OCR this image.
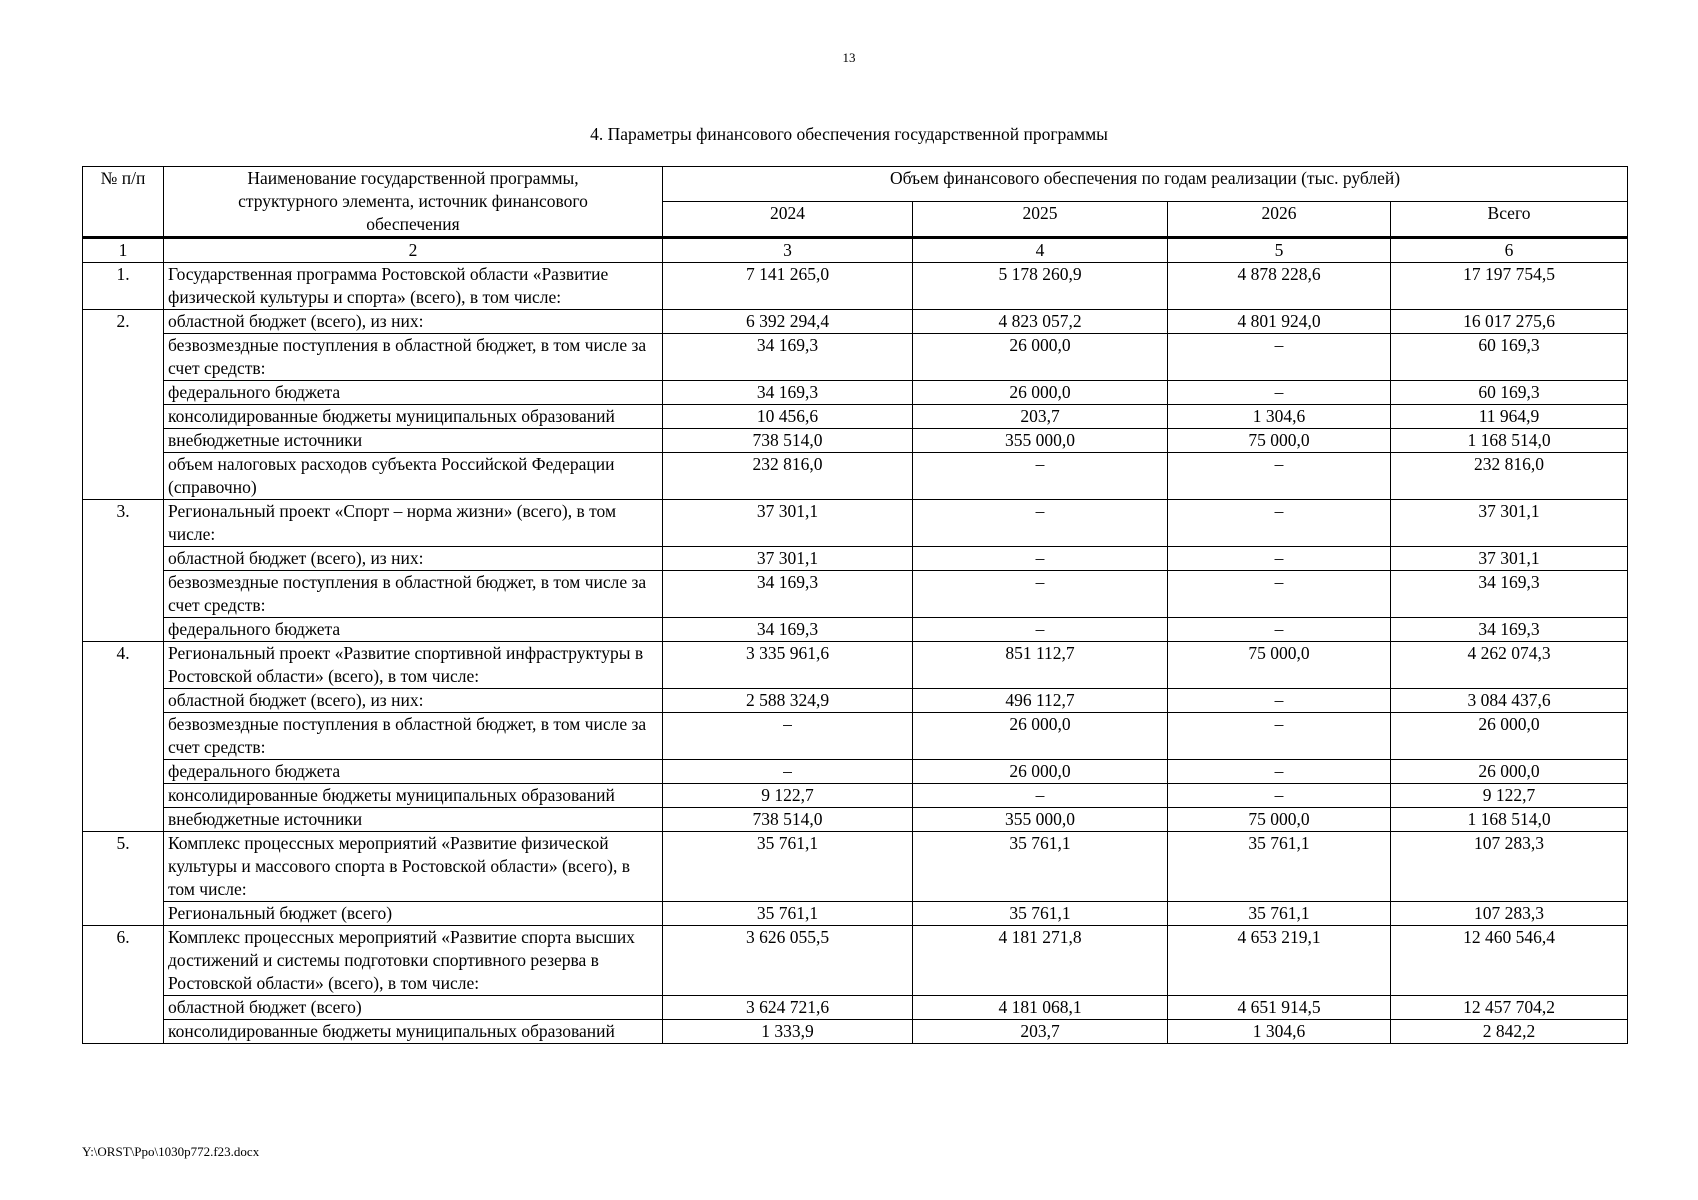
13
4. Параметры финансового обеспечения государственной программы
№ п/п	Наименование государственной программы, структурного элемента, источник финансового обеспечения	Объем финансового обеспечения по годам реализации (тыс. рублей)			
		2024	2025	2026	Всего
1	2	3	4	5	6
1.	Государственная программа Ростовской области «Развитие физической культуры и спорта» (всего), в том числе:	7 141 265,0	5 178 260,9	4 878 228,6	17 197 754,5
2.	областной бюджет (всего), из них:	6 392 294,4	4 823 057,2	4 801 924,0	16 017 275,6
	безвозмездные поступления в областной бюджет, в том числе за счет средств:	34 169,3	26 000,0	–	60 169,3
	федерального бюджета	34 169,3	26 000,0	–	60 169,3
	консолидированные бюджеты муниципальных образований	10 456,6	203,7	1 304,6	11 964,9
	внебюджетные источники	738 514,0	355 000,0	75 000,0	1 168 514,0
	объем налоговых расходов субъекта Российской Федерации (справочно)	232 816,0	–	–	232 816,0
3.	Региональный проект «Спорт – норма жизни» (всего), в том числе:	37 301,1	–	–	37 301,1
	областной бюджет (всего), из них:	37 301,1	–	–	37 301,1
	безвозмездные поступления в областной бюджет, в том числе за счет средств:	34 169,3	–	–	34 169,3
	федерального бюджета	34 169,3	–	–	34 169,3
4.	Региональный проект «Развитие спортивной инфраструктуры в Ростовской области» (всего), в том числе:	3 335 961,6	851 112,7	75 000,0	4 262 074,3
	областной бюджет (всего), из них:	2 588 324,9	496 112,7	–	3 084 437,6
	безвозмездные поступления в областной бюджет, в том числе за счет средств:	–	26 000,0	–	26 000,0
	федерального бюджета	–	26 000,0	–	26 000,0
	консолидированные бюджеты муниципальных образований	9 122,7	–	–	9 122,7
	внебюджетные источники	738 514,0	355 000,0	75 000,0	1 168 514,0
5.	Комплекс процессных мероприятий «Развитие физической культуры и массового спорта в Ростовской области» (всего), в том числе:	35 761,1	35 761,1	35 761,1	107 283,3
	Региональный бюджет (всего)	35 761,1	35 761,1	35 761,1	107 283,3
6.	Комплекс процессных мероприятий «Развитие спорта высших достижений и системы подготовки спортивного резерва в Ростовской области» (всего), в том числе:	3 626 055,5	4 181 271,8	4 653 219,1	12 460 546,4
	областной бюджет (всего)	3 624 721,6	4 181 068,1	4 651 914,5	12 457 704,2
	консолидированные бюджеты муниципальных образований	1 333,9	203,7	1 304,6	2 842,2
Y:\ORST\Ppo\1030p772.f23.docx
